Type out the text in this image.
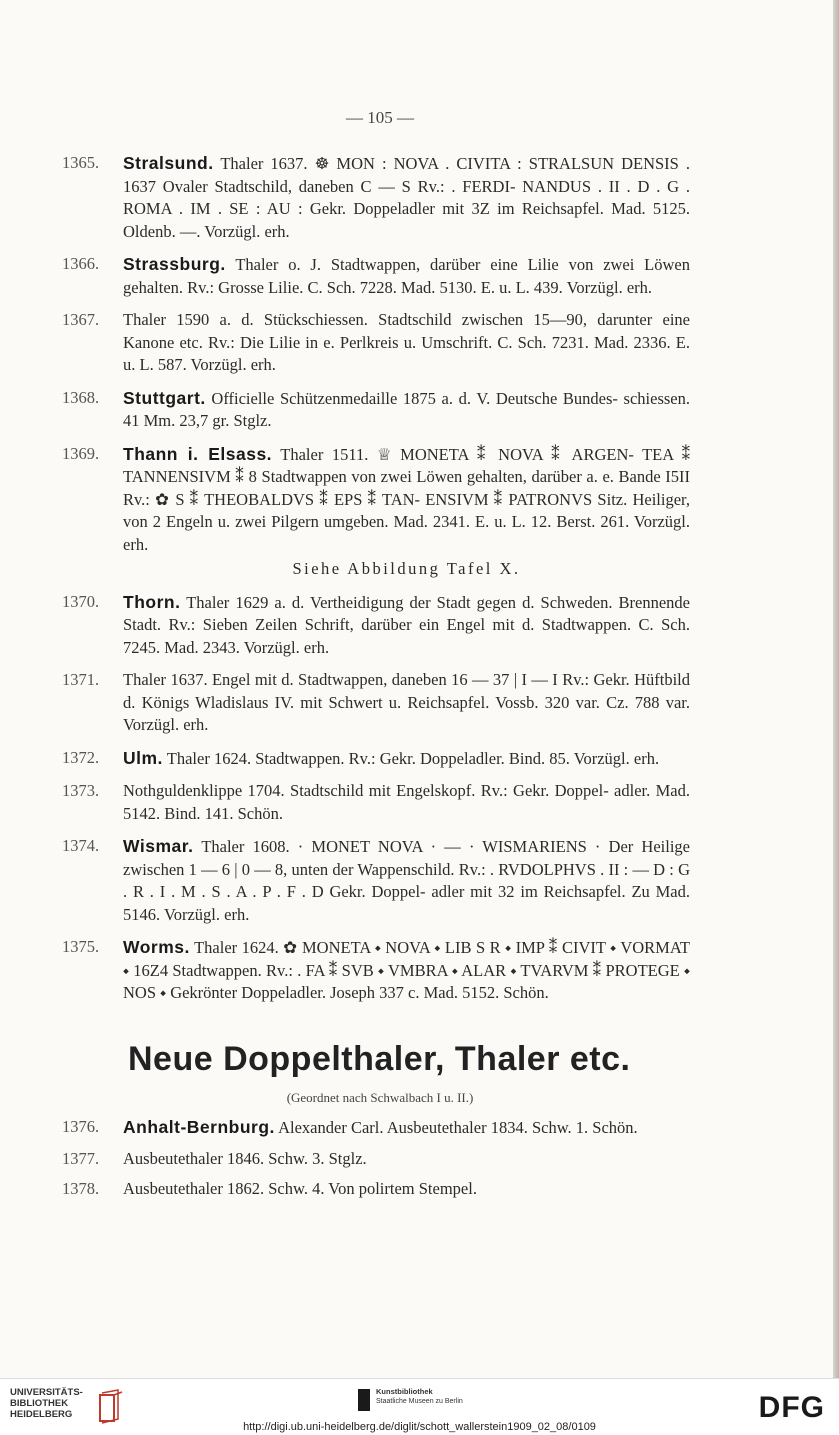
— 105 —
1365.	Stralsund. Thaler 1637. ☸ MON : NOVA . CIVITA : STRALSUN DENSIS . 1637 Ovaler Stadtschild, daneben C — S Rv.: . FERDI- NANDUS . II . D . G . ROMA . IM . SE : AU : Gekr. Doppeladler mit 3Z im Reichsapfel. Mad. 5125. Oldenb. —. Vorzügl. erh.
1366.	Strassburg. Thaler o. J. Stadtwappen, darüber eine Lilie von zwei Löwen gehalten. Rv.: Grosse Lilie. C. Sch. 7228. Mad. 5130. E. u. L. 439. Vorzügl. erh.
1367.	Thaler 1590 a. d. Stückschiessen. Stadtschild zwischen 15—90, darunter eine Kanone etc. Rv.: Die Lilie in e. Perlkreis u. Umschrift. C. Sch. 7231. Mad. 2336. E. u. L. 587. Vorzügl. erh.
1368.	Stuttgart. Officielle Schützenmedaille 1875 a. d. V. Deutsche Bundes- schiessen. 41 Mm. 23,7 gr. Stglz.
1369.	Thann i. Elsass. Thaler 1511. ♕ MONETA ⁑ NOVA ⁑ ARGEN- TEA ⁑ TANNENSIVM ⁑ 8 Stadtwappen von zwei Löwen gehalten, darüber a. e. Bande I5II Rv.: ✿ S ⁑ THEOBALDVS ⁑ EPS ⁑ TAN- ENSIVM ⁑ PATRONVS Sitz. Heiliger, von 2 Engeln u. zwei Pilgern umgeben. Mad. 2341. E. u. L. 12. Berst. 261. Vorzügl. erh.
Siehe Abbildung Tafel X.
1370.	Thorn. Thaler 1629 a. d. Vertheidigung der Stadt gegen d. Schweden. Brennende Stadt. Rv.: Sieben Zeilen Schrift, darüber ein Engel mit d. Stadtwappen. C. Sch. 7245. Mad. 2343. Vorzügl. erh.
1371.	Thaler 1637. Engel mit d. Stadtwappen, daneben 16 — 37 | I — I Rv.: Gekr. Hüftbild d. Königs Wladislaus IV. mit Schwert u. Reichsapfel. Vossb. 320 var. Cz. 788 var. Vorzügl. erh.
1372.	Ulm. Thaler 1624. Stadtwappen. Rv.: Gekr. Doppeladler. Bind. 85. Vorzügl. erh.
1373.	Nothguldenklippe 1704. Stadtschild mit Engelskopf. Rv.: Gekr. Doppel- adler. Mad. 5142. Bind. 141. Schön.
1374.	Wismar. Thaler 1608. · MONET NOVA · — · WISMARIENS · Der Heilige zwischen 1 — 6 | 0 — 8, unten der Wappenschild. Rv.: . RVDOLPHVS . II : — D : G . R . I . M . S . A . P . F . D Gekr. Doppel- adler mit 32 im Reichsapfel. Zu Mad. 5146. Vorzügl. erh.
1375.	Worms. Thaler 1624. ✿ MONETA ⬩ NOVA ⬩ LIB S R ⬩ IMP ⁑ CIVIT ⬩ VORMAT ⬩ 16Z4 Stadtwappen. Rv.: . FA ⁑ SVB ⬩ VMBRA ⬩ ALAR ⬩ TVARVM ⁑ PROTEGE ⬩ NOS ⬩ Gekrönter Doppeladler. Joseph 337 c. Mad. 5152. Schön.
Neue Doppelthaler, Thaler etc.
(Geordnet nach Schwalbach I u. II.)
1376.	Anhalt-Bernburg. Alexander Carl. Ausbeutethaler 1834. Schw. 1. Schön.
1377.	Ausbeutethaler 1846. Schw. 3. Stglz.
1378.	Ausbeutethaler 1862. Schw. 4. Von polirtem Stempel.
UNIVERSITÄTS-
BIBLIOTHEK
HEIDELBERG
Kunstbibliothek
Staatliche Museen zu Berlin	DFG
http://digi.ub.uni-heidelberg.de/diglit/schott_wallerstein1909_02_08/0109
